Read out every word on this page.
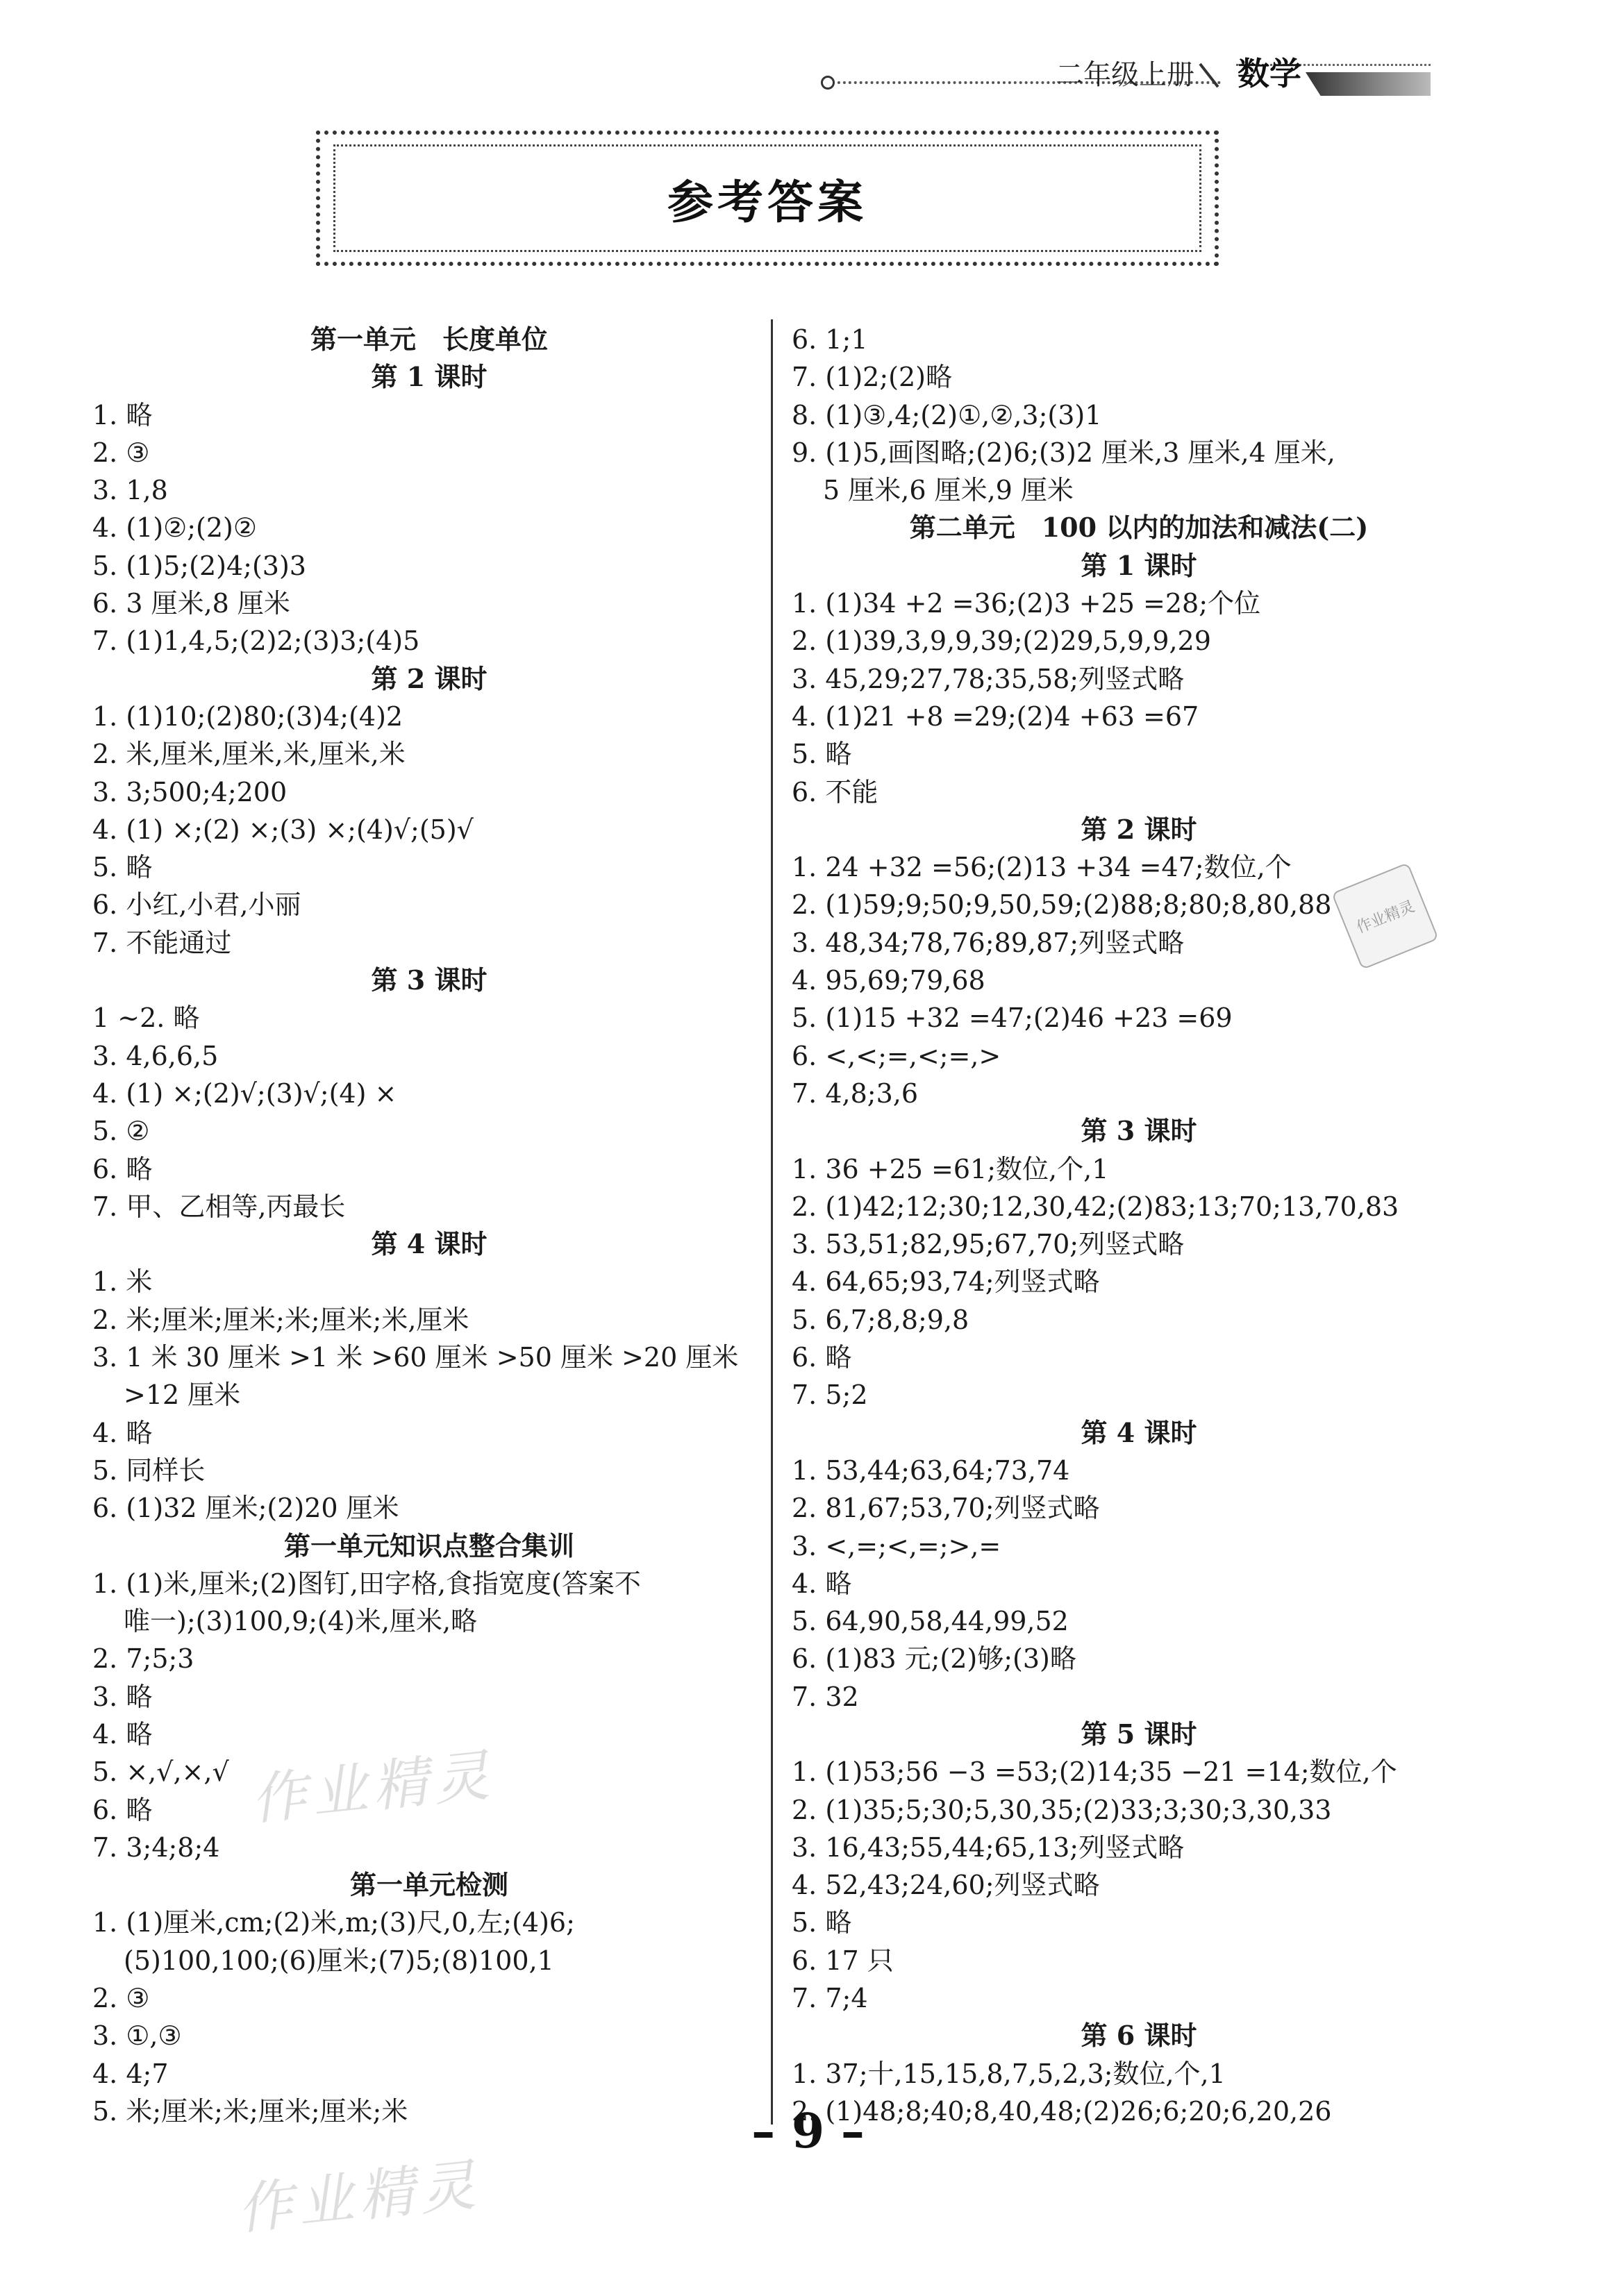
二年级上册 数学
参考答案
第一单元　长度单位
第 1 课时
1. 略
2. ③
3. 1,8
4. (1)②;(2)②
5. (1)5;(2)4;(3)3
6. 3 厘米,8 厘米
7. (1)1,4,5;(2)2;(3)3;(4)5
第 2 课时
1. (1)10;(2)80;(3)4;(4)2
2. 米,厘米,厘米,米,厘米,米
3. 3;500;4;200
4. (1) ×;(2) ×;(3) ×;(4)√;(5)√
5. 略
6. 小红,小君,小丽
7. 不能通过
第 3 课时
1 ~2. 略
3. 4,6,6,5
4. (1) ×;(2)√;(3)√;(4) ×
5. ②
6. 略
7. 甲、乙相等,丙最长
第 4 课时
1. 米
2. 米;厘米;厘米;米;厘米;米,厘米
3. 1 米 30 厘米 >1 米 >60 厘米 >50 厘米 >20 厘米
>12 厘米
4. 略
5. 同样长
6. (1)32 厘米;(2)20 厘米
第一单元知识点整合集训
1. (1)米,厘米;(2)图钉,田字格,食指宽度(答案不
唯一);(3)100,9;(4)米,厘米,略
2. 7;5;3
3. 略
4. 略
5. ×,√,×,√
6. 略
7. 3;4;8;4
第一单元检测
1. (1)厘米,cm;(2)米,m;(3)尺,0,左;(4)6;
(5)100,100;(6)厘米;(7)5;(8)100,1
2. ③
3. ①,③
4. 4;7
5. 米;厘米;米;厘米;厘米;米
6. 1;1
7. (1)2;(2)略
8. (1)③,4;(2)①,②,3;(3)1
9. (1)5,画图略;(2)6;(3)2 厘米,3 厘米,4 厘米,
5 厘米,6 厘米,9 厘米
第二单元　100 以内的加法和减法(二)
第 1 课时
1. (1)34 +2 =36;(2)3 +25 =28;个位
2. (1)39,3,9,9,39;(2)29,5,9,9,29
3. 45,29;27,78;35,58;列竖式略
4. (1)21 +8 =29;(2)4 +63 =67
5. 略
6. 不能
第 2 课时
1. 24 +32 =56;(2)13 +34 =47;数位,个
2. (1)59;9;50;9,50,59;(2)88;8;80;8,80,88
3. 48,34;78,76;89,87;列竖式略
4. 95,69;79,68
5. (1)15 +32 =47;(2)46 +23 =69
6. <,<;=,<;=,>
7. 4,8;3,6
第 3 课时
1. 36 +25 =61;数位,个,1
2. (1)42;12;30;12,30,42;(2)83;13;70;13,70,83
3. 53,51;82,95;67,70;列竖式略
4. 64,65;93,74;列竖式略
5. 6,7;8,8;9,8
6. 略
7. 5;2
第 4 课时
1. 53,44;63,64;73,74
2. 81,67;53,70;列竖式略
3. <,=;<,=;>,=
4. 略
5. 64,90,58,44,99,52
6. (1)83 元;(2)够;(3)略
7. 32
第 5 课时
1. (1)53;56 −3 =53;(2)14;35 −21 =14;数位,个
2. (1)35;5;30;5,30,35;(2)33;3;30;3,30,33
3. 16,43;55,44;65,13;列竖式略
4. 52,43;24,60;列竖式略
5. 略
6. 17 只
7. 7;4
第 6 课时
1. 37;十,15,15,8,7,5,2,3;数位,个,1
2. (1)48;8;40;8,40,48;(2)26;6;20;6,20,26
作业精灵
作业精灵
作业精灵
– 9 –
